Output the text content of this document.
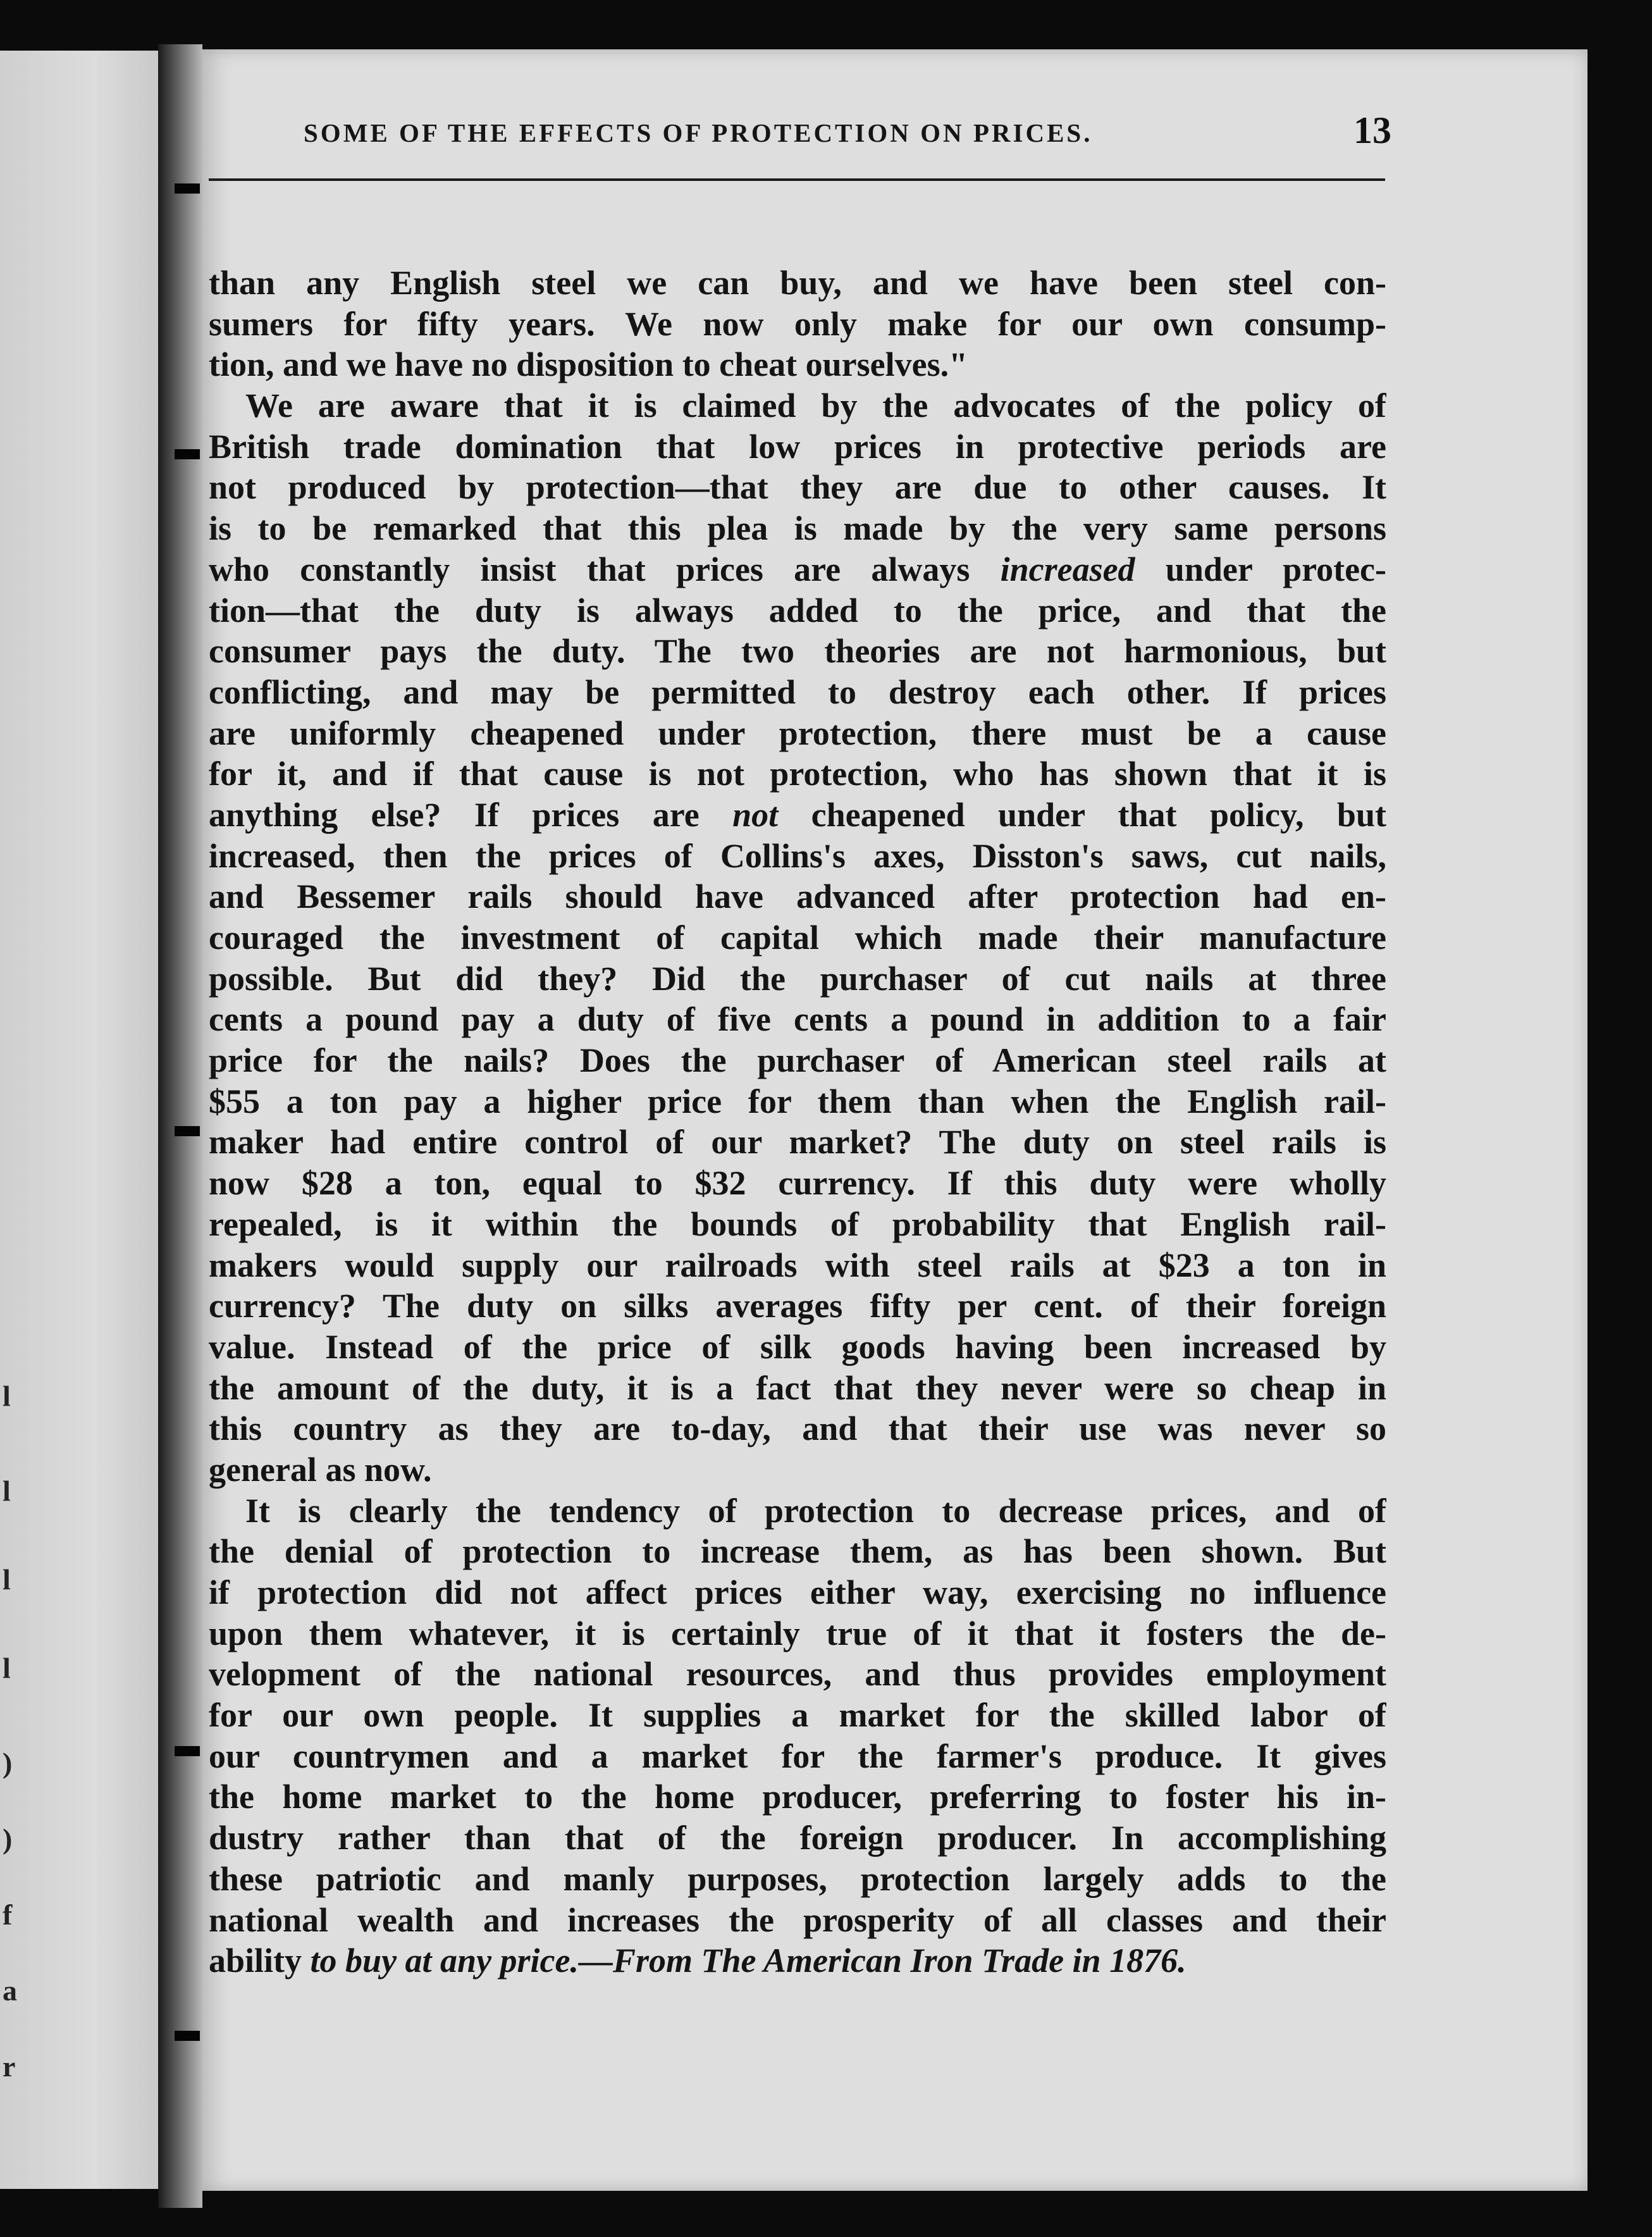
l
l
l
l
)
)
f
a
r
SOME OF THE EFFECTS OF PROTECTION ON PRICES.	13
than any English steel we can buy, and we have been steel con-
sumers for fifty years. We now only make for our own consump-
tion, and we have no disposition to cheat ourselves."
We are aware that it is claimed by the advocates of the policy of
British trade domination that low prices in protective periods are
not produced by protection—that they are due to other causes. It
is to be remarked that this plea is made by the very same persons
who constantly insist that prices are always increased under protec-
tion—that the duty is always added to the price, and that the
consumer pays the duty. The two theories are not harmonious, but
conflicting, and may be permitted to destroy each other. If prices
are uniformly cheapened under protection, there must be a cause
for it, and if that cause is not protection, who has shown that it is
anything else? If prices are not cheapened under that policy, but
increased, then the prices of Collins's axes, Disston's saws, cut nails,
and Bessemer rails should have advanced after protection had en-
couraged the investment of capital which made their manufacture
possible. But did they? Did the purchaser of cut nails at three
cents a pound pay a duty of five cents a pound in addition to a fair
price for the nails? Does the purchaser of American steel rails at
$55 a ton pay a higher price for them than when the English rail-
maker had entire control of our market? The duty on steel rails is
now $28 a ton, equal to $32 currency. If this duty were wholly
repealed, is it within the bounds of probability that English rail-
makers would supply our railroads with steel rails at $23 a ton in
currency? The duty on silks averages fifty per cent. of their foreign
value. Instead of the price of silk goods having been increased by
the amount of the duty, it is a fact that they never were so cheap in
this country as they are to-day, and that their use was never so
general as now.
It is clearly the tendency of protection to decrease prices, and of
the denial of protection to increase them, as has been shown. But
if protection did not affect prices either way, exercising no influence
upon them whatever, it is certainly true of it that it fosters the de-
velopment of the national resources, and thus provides employment
for our own people. It supplies a market for the skilled labor of
our countrymen and a market for the farmer's produce. It gives
the home market to the home producer, preferring to foster his in-
dustry rather than that of the foreign producer. In accomplishing
these patriotic and manly purposes, protection largely adds to the
national wealth and increases the prosperity of all classes and their
ability to buy at any price.—From The American Iron Trade in 1876.
